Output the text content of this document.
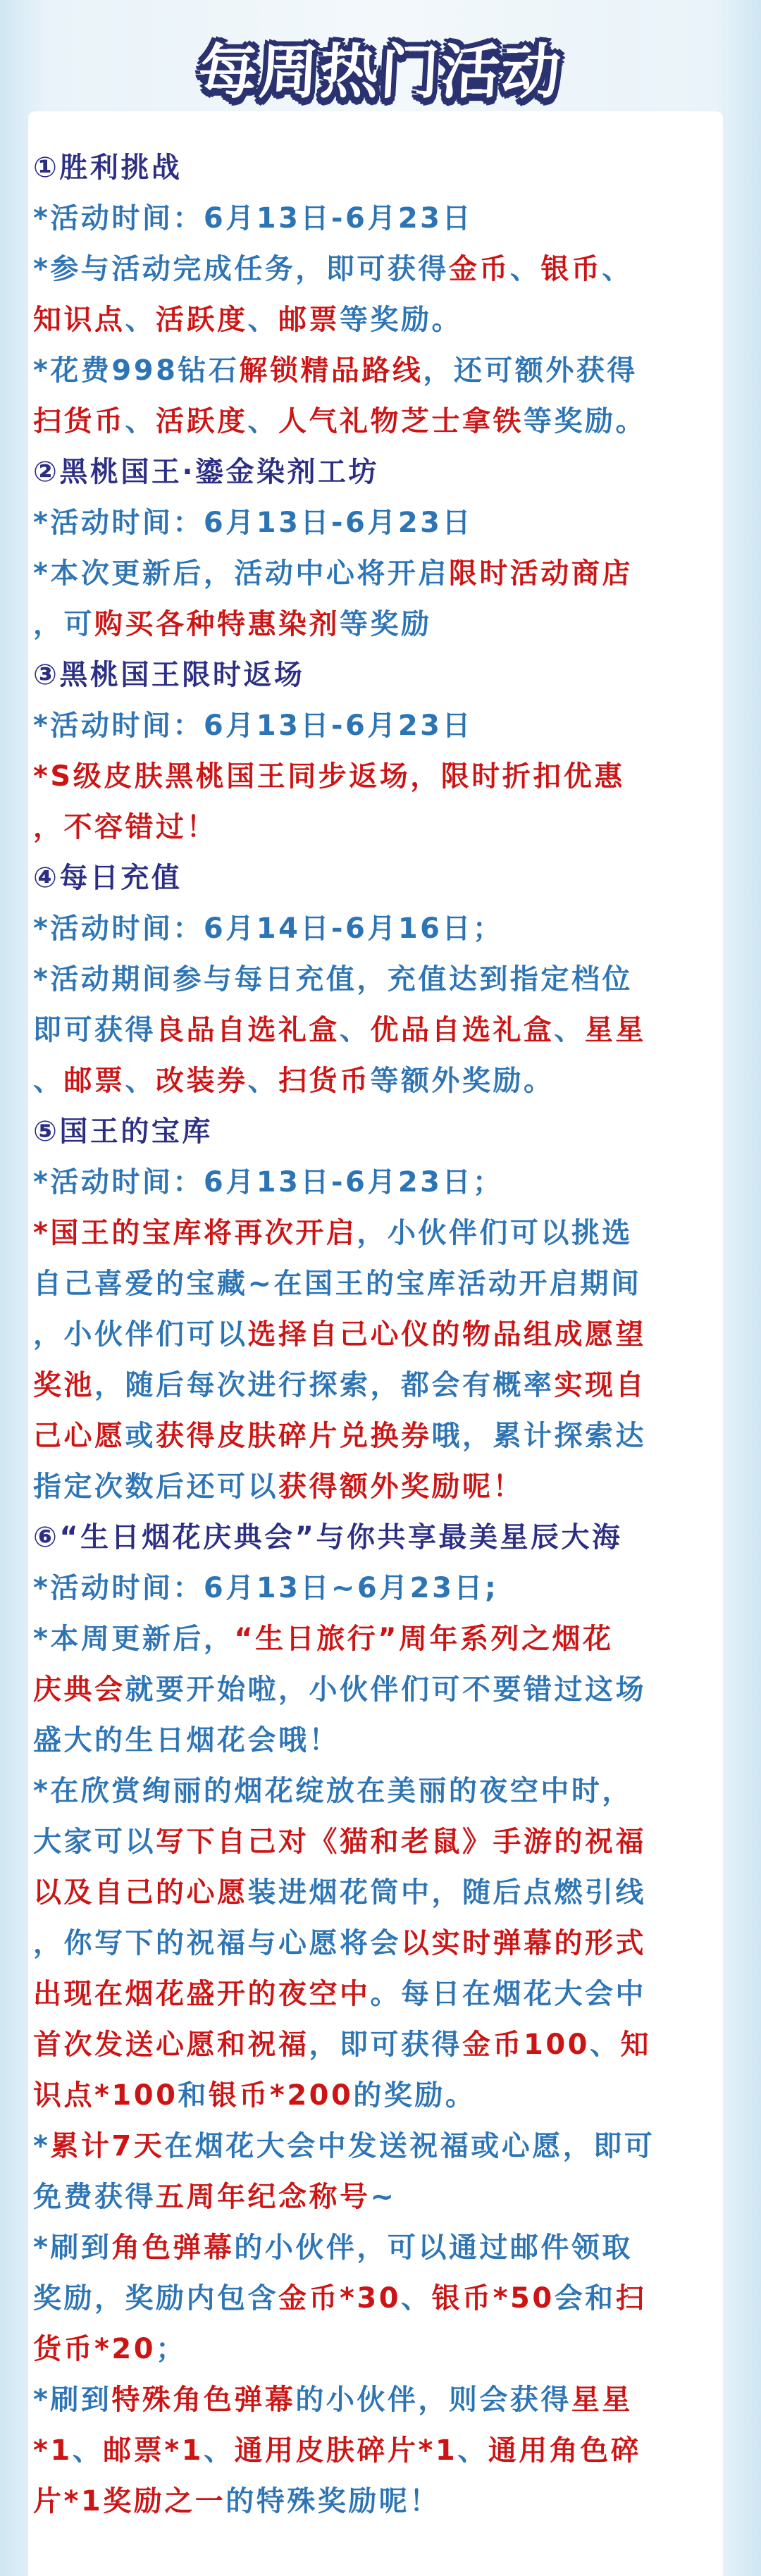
每周热门活动
①胜利挑战
*活动时间：6月13日-6月23日
*参与活动完成任务，即可获得金币、银币、
知识点、活跃度、邮票等奖励。
*花费998钻石解锁精品路线，还可额外获得
扫货币、活跃度、人气礼物芝士拿铁等奖励。
②黑桃国王·鎏金染剂工坊
*活动时间：6月13日-6月23日
*本次更新后，活动中心将开启限时活动商店
，可购买各种特惠染剂等奖励
③黑桃国王限时返场
*活动时间：6月13日-6月23日
*S级皮肤黑桃国王同步返场，限时折扣优惠
，不容错过！
④每日充值
*活动时间：6月14日-6月16日；
*活动期间参与每日充值，充值达到指定档位
即可获得良品自选礼盒、优品自选礼盒、星星
、邮票、改装券、扫货币等额外奖励。
⑤国王的宝库
*活动时间：6月13日-6月23日；
*国王的宝库将再次开启，小伙伴们可以挑选
自己喜爱的宝藏~在国王的宝库活动开启期间
，小伙伴们可以选择自己心仪的物品组成愿望
奖池，随后每次进行探索，都会有概率实现自
己心愿或获得皮肤碎片兑换券哦，累计探索达
指定次数后还可以获得额外奖励呢！
⑥“生日烟花庆典会”与你共享最美星辰大海
*活动时间：6月13日~6月23日;
*本周更新后，“生日旅行”周年系列之烟花
庆典会就要开始啦，小伙伴们可不要错过这场
盛大的生日烟花会哦！
*在欣赏绚丽的烟花绽放在美丽的夜空中时，
大家可以写下自己对《猫和老鼠》手游的祝福
以及自己的心愿装进烟花筒中，随后点燃引线
，你写下的祝福与心愿将会以实时弹幕的形式
出现在烟花盛开的夜空中。每日在烟花大会中
首次发送心愿和祝福，即可获得金币100、知
识点*100和银币*200的奖励。
*累计7天在烟花大会中发送祝福或心愿，即可
免费获得五周年纪念称号~
*刷到角色弹幕的小伙伴，可以通过邮件领取
奖励，奖励内包含金币*30、银币*50会和扫
货币*20；
*刷到特殊角色弹幕的小伙伴，则会获得星星
*1、邮票*1、通用皮肤碎片*1、通用角色碎
片*1奖励之一的特殊奖励呢！
